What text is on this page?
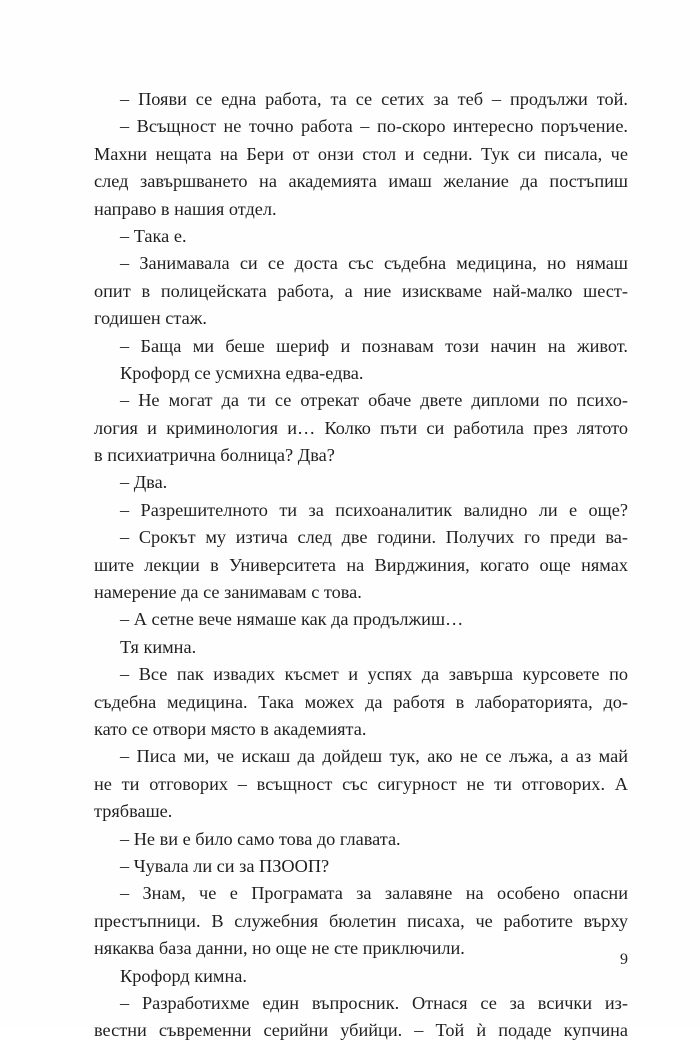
– Появи се една работа, та се сетих за теб – продължи той.
– Всъщност не точно работа – по-скоро интересно поръчение.
Махни нещата на Бери от онзи стол и седни. Тук си писала, че
след завършването на академията имаш желание да постъпиш
направо в нашия отдел.
– Така е.
– Занимавала си се доста със съдебна медицина, но нямаш
опит в полицейската работа, а ние изискваме най-малко шест-
годишен стаж.
– Баща ми беше шериф и познавам този начин на живот.
Крофорд се усмихна едва-едва.
– Не могат да ти се отрекат обаче двете дипломи по психо-
логия и криминология и… Колко пъти си работила през лятото
в психиатрична болница? Два?
– Два.
– Разрешителното ти за психоаналитик валидно ли е още?
– Срокът му изтича след две години. Получих го преди ва-
шите лекции в Университета на Вирджиния, когато още нямах
намерение да се занимавам с това.
– А сетне вече нямаше как да продължиш…
Тя кимна.
– Все пак извадих късмет и успях да завърша курсовете по
съдебна медицина. Така можех да работя в лабораторията, до-
като се отвори място в академията.
– Писа ми, че искаш да дойдеш тук, ако не се лъжа, а аз май
не ти отговорих – всъщност със сигурност не ти отговорих. А
трябваше.
– Не ви е било само това до главата.
– Чувала ли си за ПЗООП?
– Знам, че е Програмата за залавяне на особено опасни
престъпници. В служебния бюлетин писаха, че работите върху
някаква база данни, но още не сте приключили.
Крофорд кимна.
– Разработихме един въпросник. Отнася се за всички из-
вестни съвременни серийни убийци. – Той ѝ подаде купчина
9
